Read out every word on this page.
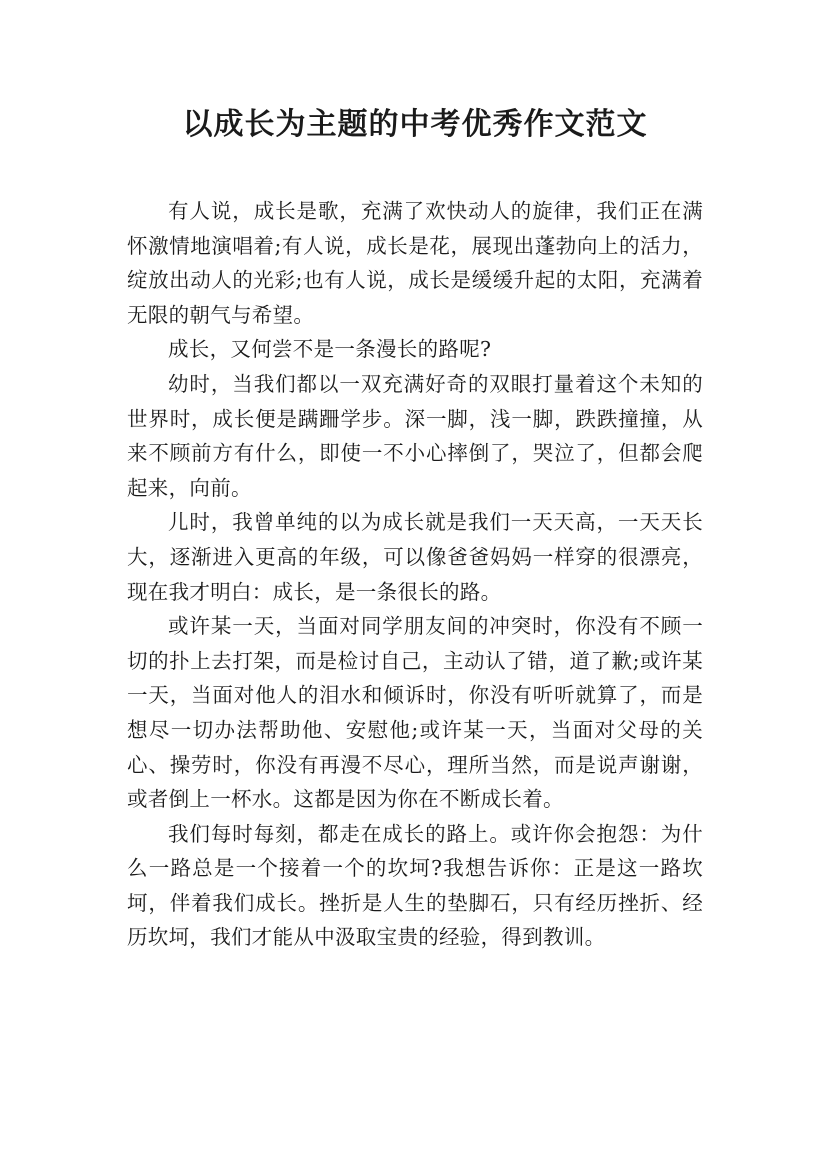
以成长为主题的中考优秀作文范文

有人说，成长是歌，充满了欢快动人的旋律，我们正在满怀激情地演唱着;有人说，成长是花，展现出蓬勃向上的活力，绽放出动人的光彩;也有人说，成长是缓缓升起的太阳，充满着无限的朝气与希望。

成长，又何尝不是一条漫长的路呢?

幼时，当我们都以一双充满好奇的双眼打量着这个未知的世界时，成长便是蹒跚学步。深一脚，浅一脚，跌跌撞撞，从来不顾前方有什么，即使一不小心摔倒了，哭泣了，但都会爬起来，向前。

儿时，我曾单纯的以为成长就是我们一天天高，一天天长大，逐渐进入更高的年级，可以像爸爸妈妈一样穿的很漂亮，现在我才明白：成长，是一条很长的路。

或许某一天，当面对同学朋友间的冲突时，你没有不顾一切的扑上去打架，而是检讨自己，主动认了错，道了歉;或许某一天，当面对他人的泪水和倾诉时，你没有听听就算了，而是想尽一切办法帮助他、安慰他;或许某一天，当面对父母的关心、操劳时，你没有再漫不尽心，理所当然，而是说声谢谢，或者倒上一杯水。这都是因为你在不断成长着。

我们每时每刻，都走在成长的路上。或许你会抱怨：为什么一路总是一个接着一个的坎坷?我想告诉你：正是这一路坎坷，伴着我们成长。挫折是人生的垫脚石，只有经历挫折、经历坎坷，我们才能从中汲取宝贵的经验，得到教训。
